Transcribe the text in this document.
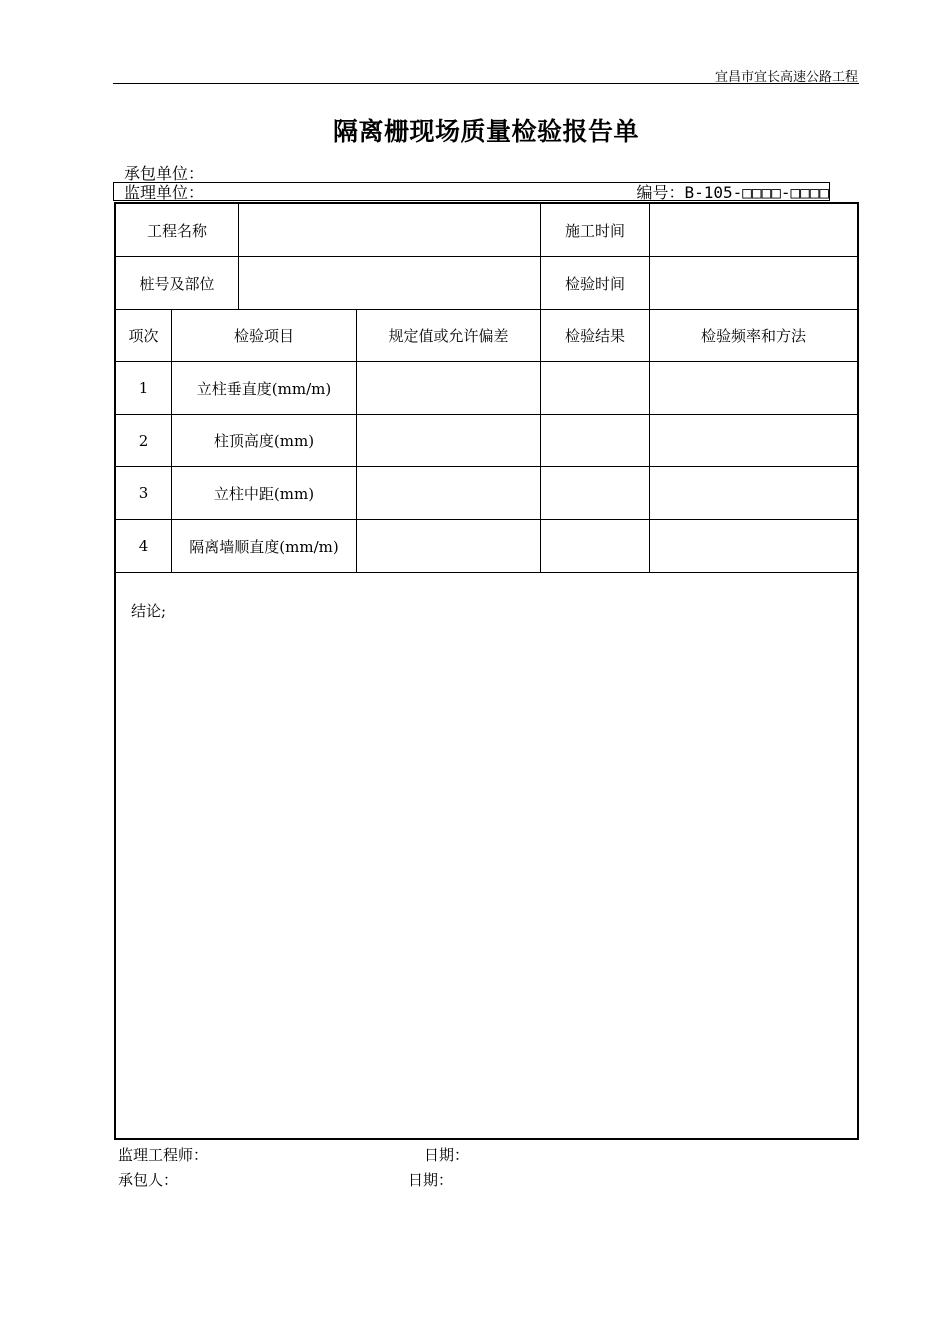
宜昌市宜长高速公路工程
隔离栅现场质量检验报告单
承包单位：
监理单位：	编号：B-105-□□□□-□□□□
工程名称	施工时间
桩号及部位	检验时间
项次	检验项目	规定值或允许偏差	检验结果	检验频率和方法
1	立柱垂直度(mm/m)
2	柱顶高度(mm)
3	立柱中距(mm)
4	隔离墙顺直度(mm/m)
结论;
监理工程师：	日期：
承包人：	日期：
